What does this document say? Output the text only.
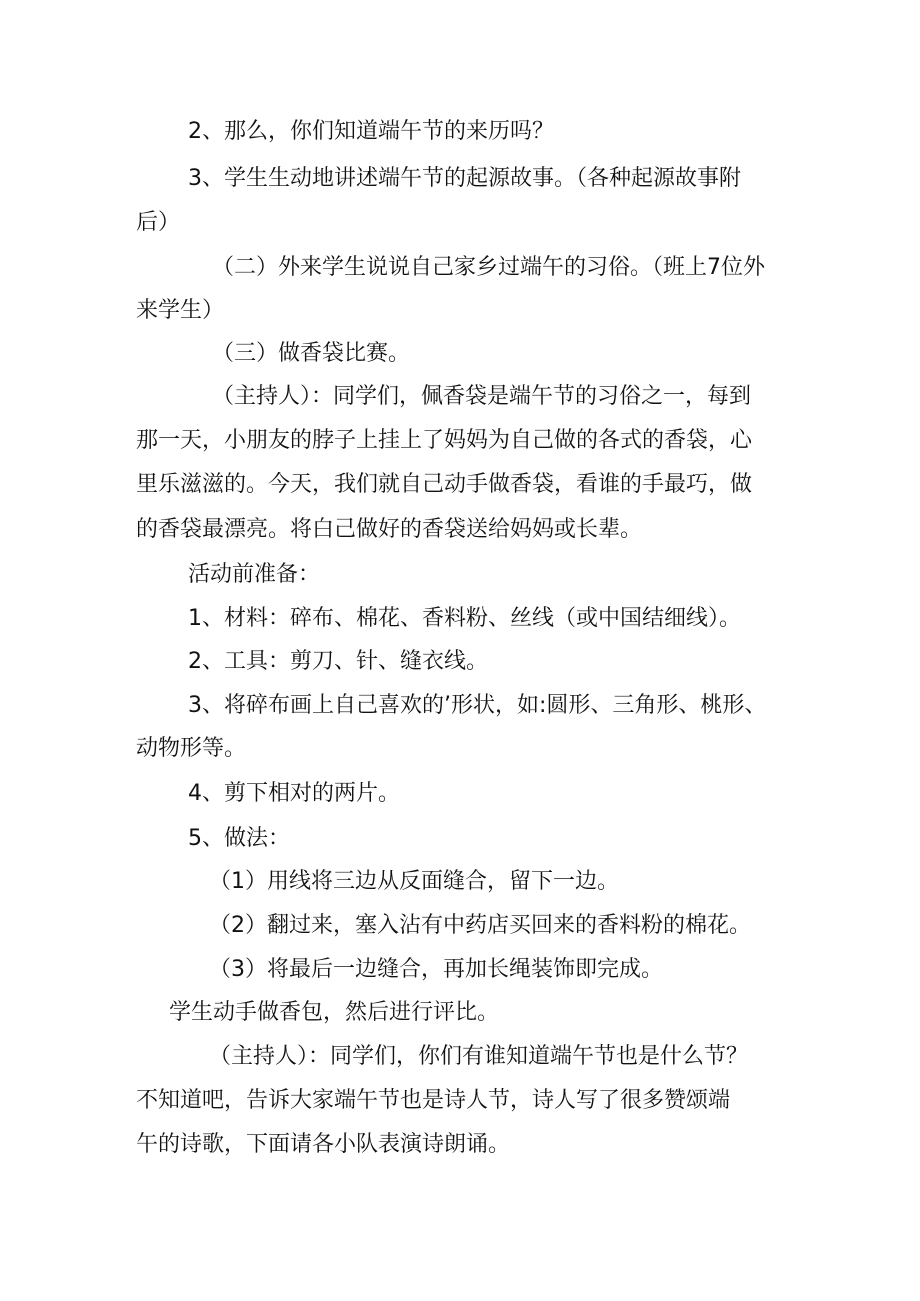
2、那么，你们知道端午节的来历吗？
3、学生生动地讲述端午节的起源故事。（各种起源故事附
后）
（二）外来学生说说自己家乡过端午的习俗。（班上7位外
来学生）
（三）做香袋比赛。
（主持人）：同学们，佩香袋是端午节的习俗之一，每到
那一天，小朋友的脖子上挂上了妈妈为自己做的各式的香袋，心
里乐滋滋的。今天，我们就自己动手做香袋，看谁的手最巧，做
的香袋最漂亮。将白己做好的香袋送给妈妈或长辈。
活动前准备：
1、材料：碎布、棉花、香料粉、丝线（或中国结细线）。
2、工具：剪刀、针、缝衣线。
3、将碎布画上自己喜欢的’形状，如:圆形、三角形、桃形、
动物形等。
4、剪下相对的两片。
5、做法：
（1）用线将三边从反面缝合，留下一边。
（2）翻过来，塞入沾有中药店买回来的香料粉的棉花。
（3）将最后一边缝合，再加长绳装饰即完成。
学生动手做香包，然后进行评比。
（主持人）：同学们，你们有谁知道端午节也是什么节？
不知道吧，告诉大家端午节也是诗人节，诗人写了很多赞颂端
午的诗歌，下面请各小队表演诗朗诵。
